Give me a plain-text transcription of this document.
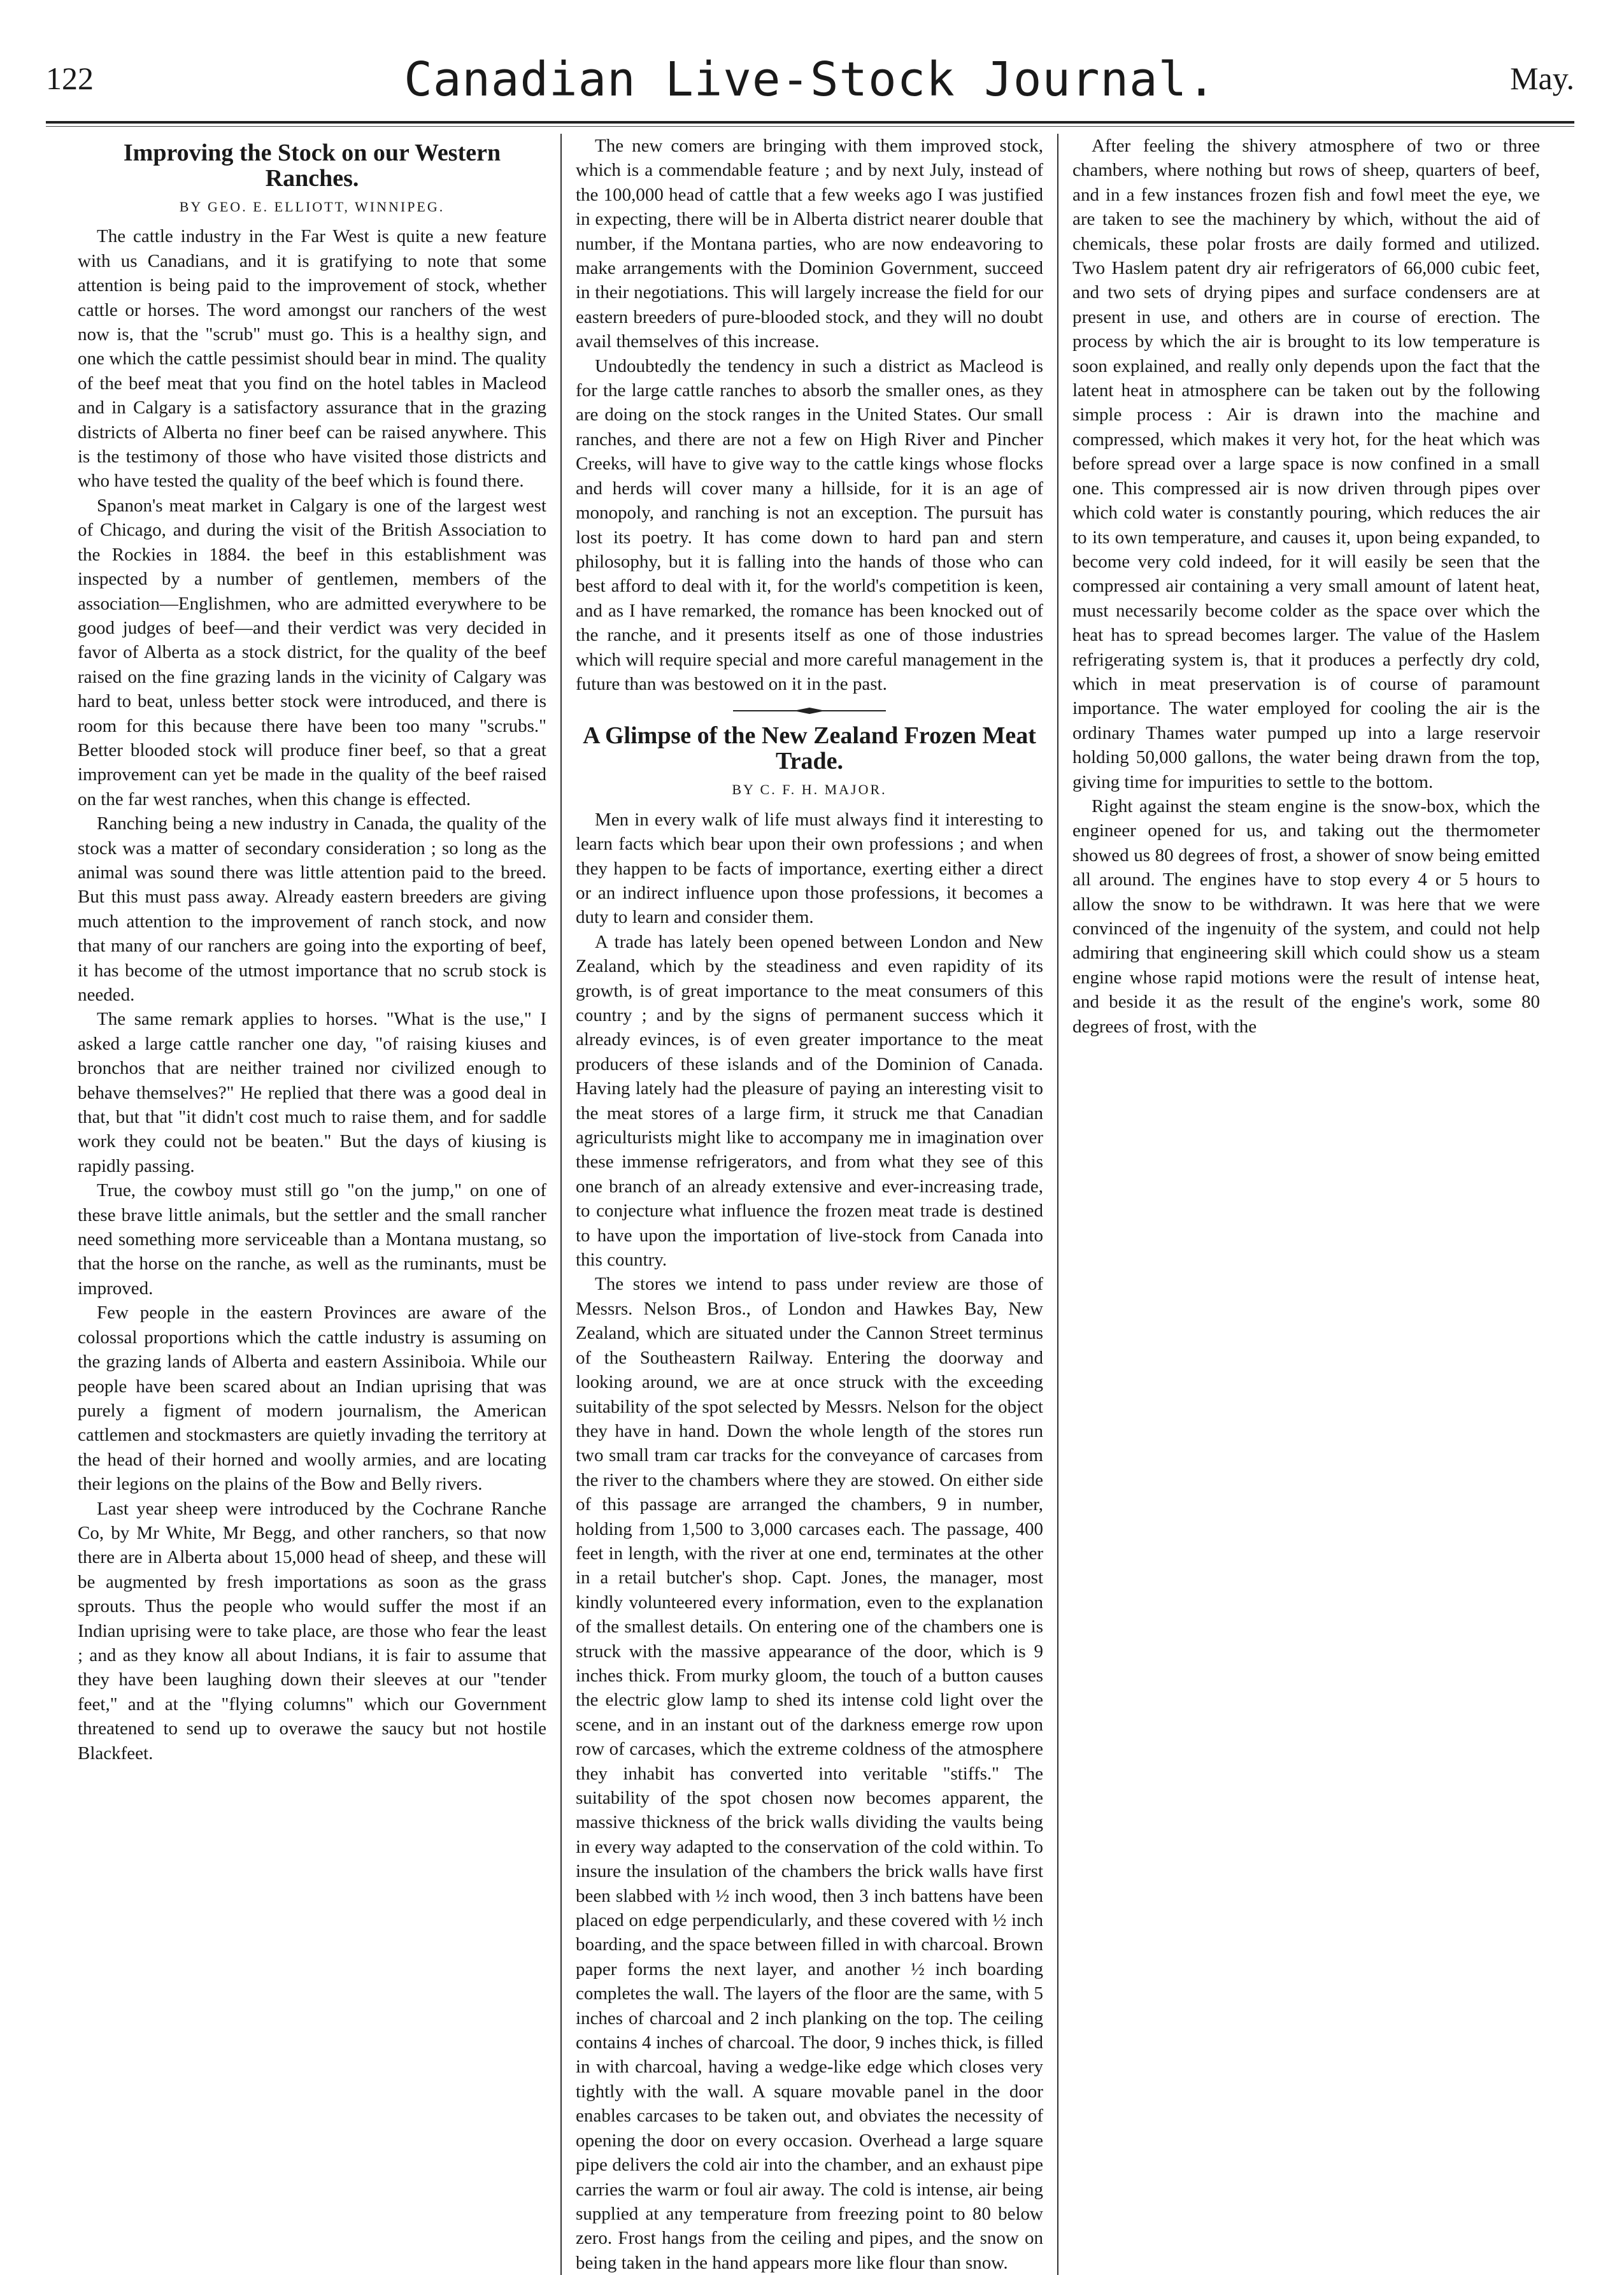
122	Canadian Live-Stock Journal.	May.
Improving the Stock on our Western Ranches.
BY GEO. E. ELLIOTT, WINNIPEG.

The cattle industry in the Far West is quite a new feature with us Canadians, and it is gratifying to note that some attention is being paid to the improvement of stock, whether cattle or horses. The word amongst our ranchers of the west now is, that the "scrub" must go. This is a healthy sign, and one which the cattle pessimist should bear in mind. The quality of the beef meat that you find on the hotel tables in Macleod and in Calgary is a satisfactory assurance that in the grazing districts of Alberta no finer beef can be raised anywhere. This is the testimony of those who have visited those districts and who have tested the quality of the beef which is found there.

Spanon's meat market in Calgary is one of the largest west of Chicago, and during the visit of the British Association to the Rockies in 1884. the beef in this establishment was inspected by a number of gentlemen, members of the association—Englishmen, who are admitted everywhere to be good judges of beef—and their verdict was very decided in favor of Alberta as a stock district, for the quality of the beef raised on the fine grazing lands in the vicinity of Calgary was hard to beat, unless better stock were introduced, and there is room for this because there have been too many "scrubs." Better blooded stock will produce finer beef, so that a great improvement can yet be made in the quality of the beef raised on the far west ranches, when this change is effected.

Ranching being a new industry in Canada, the quality of the stock was a matter of secondary consideration ; so long as the animal was sound there was little attention paid to the breed. But this must pass away. Already eastern breeders are giving much attention to the improvement of ranch stock, and now that many of our ranchers are going into the exporting of beef, it has become of the utmost importance that no scrub stock is needed.

The same remark applies to horses. "What is the use," I asked a large cattle rancher one day, "of raising kiuses and bronchos that are neither trained nor civilized enough to behave themselves?" He replied that there was a good deal in that, but that "it didn't cost much to raise them, and for saddle work they could not be beaten." But the days of kiusing is rapidly passing.

True, the cowboy must still go "on the jump," on one of these brave little animals, but the settler and the small rancher need something more serviceable than a Montana mustang, so that the horse on the ranche, as well as the ruminants, must be improved.

Few people in the eastern Provinces are aware of the colossal proportions which the cattle industry is assuming on the grazing lands of Alberta and eastern Assiniboia. While our people have been scared about an Indian uprising that was purely a figment of modern journalism, the American cattlemen and stockmasters are quietly invading the territory at the head of their horned and woolly armies, and are locating their legions on the plains of the Bow and Belly rivers.

Last year sheep were introduced by the Cochrane Ranche Co, by Mr White, Mr Begg, and other ranchers, so that now there are in Alberta about 15,000 head of sheep, and these will be augmented by fresh importations as soon as the grass sprouts. Thus the people who would suffer the most if an Indian uprising were to take place, are those who fear the least ; and as they know all about Indians, it is fair to assume that they have been laughing down their sleeves at our "tender feet," and at the "flying columns" which our Government threatened to send up to overawe the saucy but not hostile Blackfeet.

The new comers are bringing with them improved stock, which is a commendable feature ; and by next July, instead of the 100,000 head of cattle that a few weeks ago I was justified in expecting, there will be in Alberta district nearer double that number, if the Montana parties, who are now endeavoring to make arrangements with the Dominion Government, succeed in their negotiations. This will largely increase the field for our eastern breeders of pure-blooded stock, and they will no doubt avail themselves of this increase.

Undoubtedly the tendency in such a district as Macleod is for the large cattle ranches to absorb the smaller ones, as they are doing on the stock ranges in the United States. Our small ranches, and there are not a few on High River and Pincher Creeks, will have to give way to the cattle kings whose flocks and herds will cover many a hillside, for it is an age of monopoly, and ranching is not an exception. The pursuit has lost its poetry. It has come down to hard pan and stern philosophy, but it is falling into the hands of those who can best afford to deal with it, for the world's competition is keen, and as I have remarked, the romance has been knocked out of the ranche, and it presents itself as one of those industries which will require special and more careful management in the future than was bestowed on it in the past.

A Glimpse of the New Zealand Frozen Meat Trade.
BY C. F. H. MAJOR.

Men in every walk of life must always find it interesting to learn facts which bear upon their own professions ; and when they happen to be facts of importance, exerting either a direct or an indirect influence upon those professions, it becomes a duty to learn and consider them.

A trade has lately been opened between London and New Zealand, which by the steadiness and even rapidity of its growth, is of great importance to the meat consumers of this country ; and by the signs of permanent success which it already evinces, is of even greater importance to the meat producers of these islands and of the Dominion of Canada. Having lately had the pleasure of paying an interesting visit to the meat stores of a large firm, it struck me that Canadian agriculturists might like to accompany me in imagination over these immense refrigerators, and from what they see of this one branch of an already extensive and ever-increasing trade, to conjecture what influence the frozen meat trade is destined to have upon the importation of live-stock from Canada into this country.

The stores we intend to pass under review are those of Messrs. Nelson Bros., of London and Hawkes Bay, New Zealand, which are situated under the Cannon Street terminus of the Southeastern Railway. Entering the doorway and looking around, we are at once struck with the exceeding suitability of the spot selected by Messrs. Nelson for the object they have in hand. Down the whole length of the stores run two small tram car tracks for the conveyance of carcases from the river to the chambers where they are stowed. On either side of this passage are arranged the chambers, 9 in number, holding from 1,500 to 3,000 carcases each. The passage, 400 feet in length, with the river at one end, terminates at the other in a retail butcher's shop. Capt. Jones, the manager, most kindly volunteered every information, even to the explanation of the smallest details. On entering one of the chambers one is struck with the massive appearance of the door, which is 9 inches thick. From murky gloom, the touch of a button causes the electric glow lamp to shed its intense cold light over the scene, and in an instant out of the darkness emerge row upon row of carcases, which the extreme coldness of the atmosphere they inhabit has converted into veritable "stiffs." The suitability of the spot chosen now becomes apparent, the massive thickness of the brick walls dividing the vaults being in every way adapted to the conservation of the cold within. To insure the insulation of the chambers the brick walls have first been slabbed with ½ inch wood, then 3 inch battens have been placed on edge perpendicularly, and these covered with ½ inch boarding, and the space between filled in with charcoal. Brown paper forms the next layer, and another ½ inch boarding completes the wall. The layers of the floor are the same, with 5 inches of charcoal and 2 inch planking on the top. The ceiling contains 4 inches of charcoal. The door, 9 inches thick, is filled in with charcoal, having a wedge-like edge which closes very tightly with the wall. A square movable panel in the door enables carcases to be taken out, and obviates the necessity of opening the door on every occasion. Overhead a large square pipe delivers the cold air into the chamber, and an exhaust pipe carries the warm or foul air away. The cold is intense, air being supplied at any temperature from freezing point to 80 below zero. Frost hangs from the ceiling and pipes, and the snow on being taken in the hand appears more like flour than snow.

After feeling the shivery atmosphere of two or three chambers, where nothing but rows of sheep, quarters of beef, and in a few instances frozen fish and fowl meet the eye, we are taken to see the machinery by which, without the aid of chemicals, these polar frosts are daily formed and utilized. Two Haslem patent dry air refrigerators of 66,000 cubic feet, and two sets of drying pipes and surface condensers are at present in use, and others are in course of erection. The process by which the air is brought to its low temperature is soon explained, and really only depends upon the fact that the latent heat in atmosphere can be taken out by the following simple process : Air is drawn into the machine and compressed, which makes it very hot, for the heat which was before spread over a large space is now confined in a small one. This compressed air is now driven through pipes over which cold water is constantly pouring, which reduces the air to its own temperature, and causes it, upon being expanded, to become very cold indeed, for it will easily be seen that the compressed air containing a very small amount of latent heat, must necessarily become colder as the space over which the heat has to spread becomes larger. The value of the Haslem refrigerating system is, that it produces a perfectly dry cold, which in meat preservation is of course of paramount importance. The water employed for cooling the air is the ordinary Thames water pumped up into a large reservoir holding 50,000 gallons, the water being drawn from the top, giving time for impurities to settle to the bottom.

Right against the steam engine is the snow-box, which the engineer opened for us, and taking out the thermometer showed us 80 degrees of frost, a shower of snow being emitted all around. The engines have to stop every 4 or 5 hours to allow the snow to be withdrawn. It was here that we were convinced of the ingenuity of the system, and could not help admiring that engineering skill which could show us a steam engine whose rapid motions were the result of intense heat, and beside it as the result of the engine's work, some 80 degrees of frost, with the
